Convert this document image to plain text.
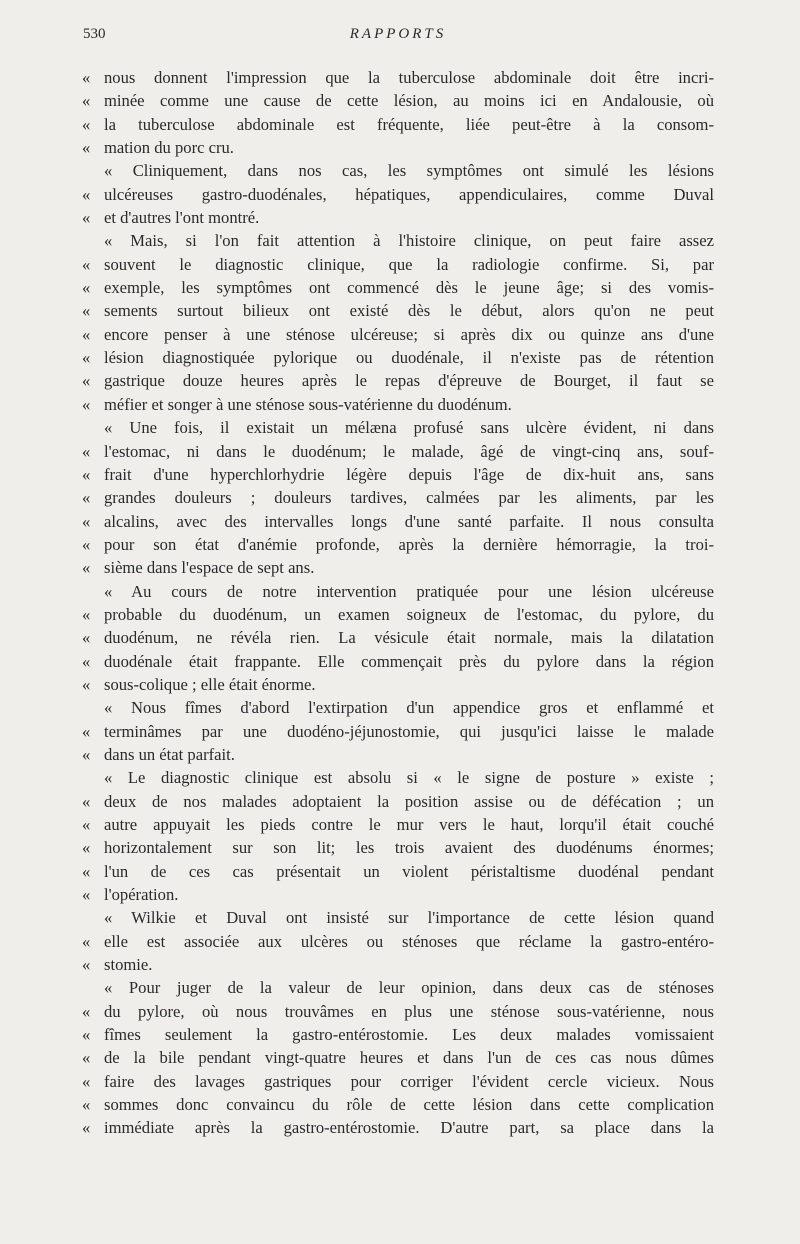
530	RAPPORTS
« nous donnent l'impression que la tuberculose abdominale doit être incri-
« minée comme une cause de cette lésion, au moins ici en Andalousie, où
« la tuberculose abdominale est fréquente, liée peut-être à la consom-
« mation du porc cru.
« Cliniquement, dans nos cas, les symptômes ont simulé les lésions
« ulcéreuses gastro-duodénales, hépatiques, appendiculaires, comme Duval
« et d'autres l'ont montré.
« Mais, si l'on fait attention à l'histoire clinique, on peut faire assez
« souvent le diagnostic clinique, que la radiologie confirme. Si, par
« exemple, les symptômes ont commencé dès le jeune âge; si des vomis-
« sements surtout bilieux ont existé dès le début, alors qu'on ne peut
« encore penser à une sténose ulcéreuse; si après dix ou quinze ans d'une
« lésion diagnostiquée pylorique ou duodénale, il n'existe pas de rétention
« gastrique douze heures après le repas d'épreuve de Bourget, il faut se
« méfier et songer à une sténose sous-vatérienne du duodénum.
« Une fois, il existait un mélæna profusé sans ulcère évident, ni dans
« l'estomac, ni dans le duodénum; le malade, âgé de vingt-cinq ans, souf-
« frait d'une hyperchlorhydrie légère depuis l'âge de dix-huit ans, sans
« grandes douleurs ; douleurs tardives, calmées par les aliments, par les
« alcalins, avec des intervalles longs d'une santé parfaite. Il nous consulta
« pour son état d'anémie profonde, après la dernière hémorragie, la troi-
« sième dans l'espace de sept ans.
« Au cours de notre intervention pratiquée pour une lésion ulcéreuse
« probable du duodénum, un examen soigneux de l'estomac, du pylore, du
« duodénum, ne révéla rien. La vésicule était normale, mais la dilatation
« duodénale était frappante. Elle commençait près du pylore dans la région
« sous-colique ; elle était énorme.
« Nous fîmes d'abord l'extirpation d'un appendice gros et enflammé et
« terminâmes par une duodéno-jéjunostomie, qui jusqu'ici laisse le malade
« dans un état parfait.
« Le diagnostic clinique est absolu si « le signe de posture » existe ;
« deux de nos malades adoptaient la position assise ou de défécation ; un
« autre appuyait les pieds contre le mur vers le haut, lorqu'il était couché
« horizontalement sur son lit; les trois avaient des duodénums énormes;
« l'un de ces cas présentait un violent péristaltisme duodénal pendant
« l'opération.
« Wilkie et Duval ont insisté sur l'importance de cette lésion quand
« elle est associée aux ulcères ou sténoses que réclame la gastro-entéro-
« stomie.
« Pour juger de la valeur de leur opinion, dans deux cas de sténoses
« du pylore, où nous trouvâmes en plus une sténose sous-vatérienne, nous
« fîmes seulement la gastro-entérostomie. Les deux malades vomissaient
« de la bile pendant vingt-quatre heures et dans l'un de ces cas nous dûmes
« faire des lavages gastriques pour corriger l'évident cercle vicieux. Nous
« sommes donc convaincu du rôle de cette lésion dans cette complication
« immédiate après la gastro-entérostomie. D'autre part, sa place dans la
